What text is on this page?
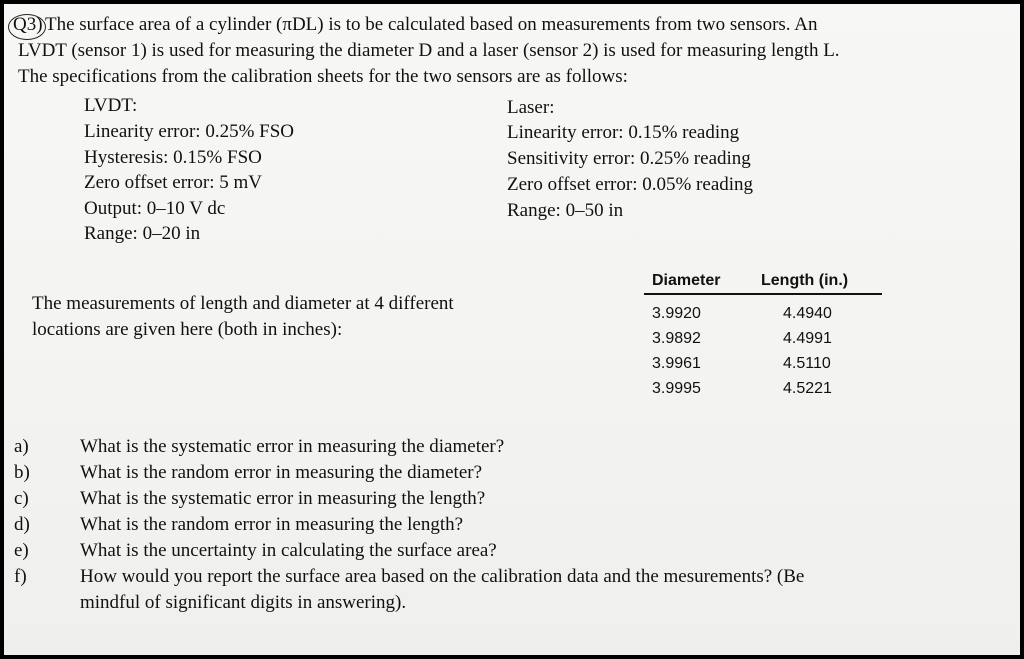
Q3) The surface area of a cylinder (πDL) is to be calculated based on measurements from two sensors. An
LVDT (sensor 1) is used for measuring the diameter D and a laser (sensor 2) is used for measuring length L.
The specifications from the calibration sheets for the two sensors are as follows:
LVDT:
Linearity error: 0.25% FSO
Hysteresis: 0.15% FSO
Zero offset error: 5 mV
Output: 0–10 V dc
Range: 0–20 in
Laser:
Linearity error: 0.15% reading
Sensitivity error: 0.25% reading
Zero offset error: 0.05% reading
Range: 0–50 in
The measurements of length and diameter at 4 different
locations are given here (both in inches):
Diameter	Length (in.)
3.9920	4.4940
3.9892	4.4991
3.9961	4.5110
3.9995	4.5221
a)	What is the systematic error in measuring the diameter?
b)	What is the random error in measuring the diameter?
c)	What is the systematic error in measuring the length?
d)	What is the random error in measuring the length?
e)	What is the uncertainty in calculating the surface area?
f)	How would you report the surface area based on the calibration data and the mesurements? (Be
mindful of significant digits in answering).
